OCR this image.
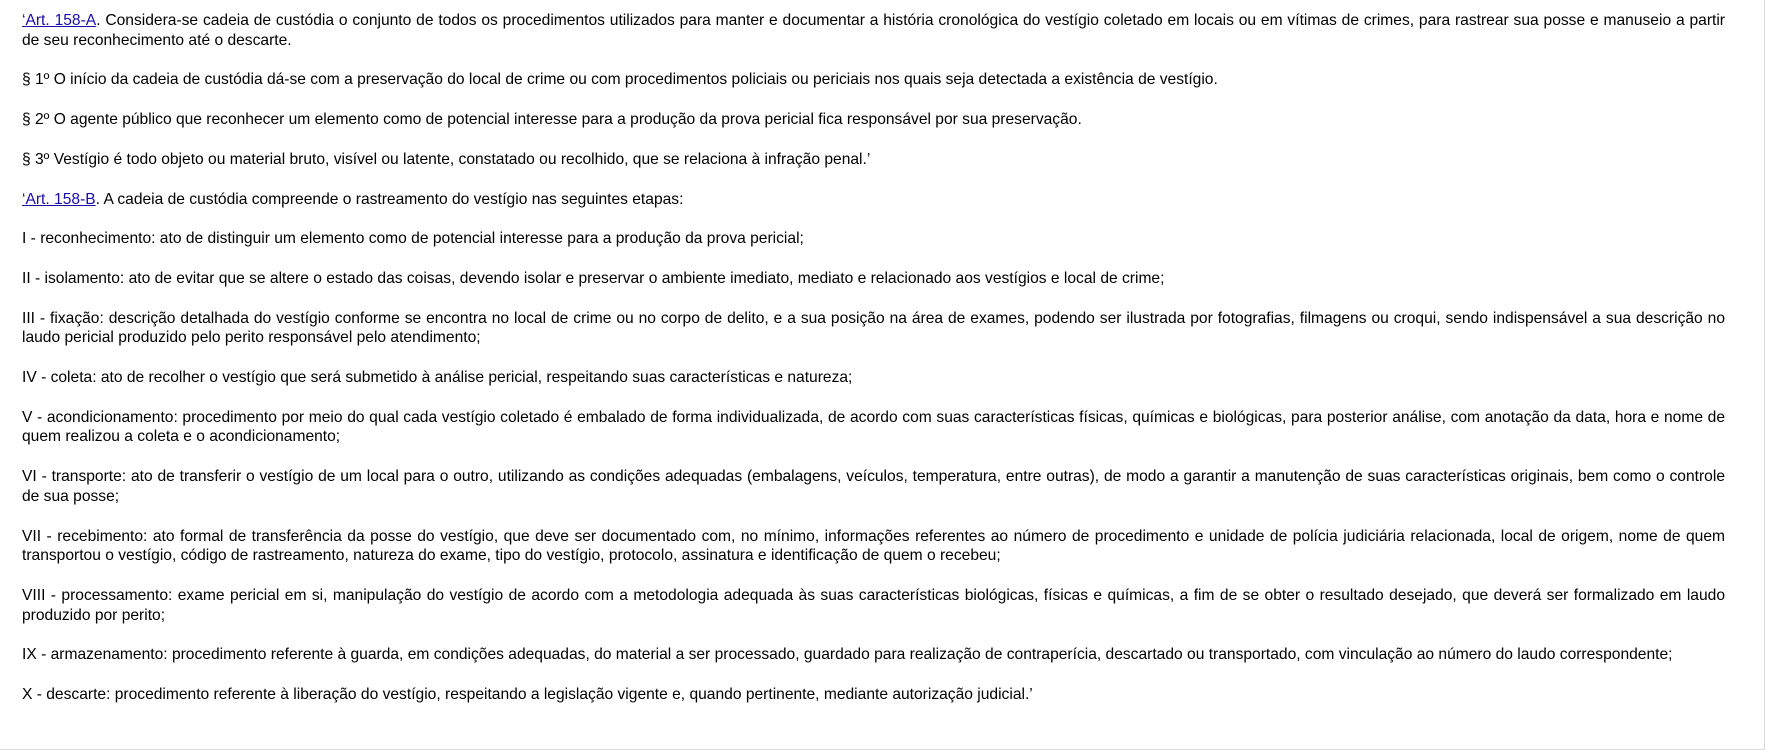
‘Art. 158-A. Considera-se cadeia de custódia o conjunto de todos os procedimentos utilizados para manter e documentar a história cronológica do vestígio coletado em locais ou em vítimas de crimes, para rastrear sua posse e manuseio a partir de seu reconhecimento até o descarte.

§ 1º O início da cadeia de custódia dá-se com a preservação do local de crime ou com procedimentos policiais ou periciais nos quais seja detectada a existência de vestígio.

§ 2º O agente público que reconhecer um elemento como de potencial interesse para a produção da prova pericial fica responsável por sua preservação.

§ 3º Vestígio é todo objeto ou material bruto, visível ou latente, constatado ou recolhido, que se relaciona à infração penal.’

‘Art. 158-B. A cadeia de custódia compreende o rastreamento do vestígio nas seguintes etapas:

I - reconhecimento: ato de distinguir um elemento como de potencial interesse para a produção da prova pericial;

II - isolamento: ato de evitar que se altere o estado das coisas, devendo isolar e preservar o ambiente imediato, mediato e relacionado aos vestígios e local de crime;

III - fixação: descrição detalhada do vestígio conforme se encontra no local de crime ou no corpo de delito, e a sua posição na área de exames, podendo ser ilustrada por fotografias, filmagens ou croqui, sendo indispensável a sua descrição no laudo pericial produzido pelo perito responsável pelo atendimento;

IV - coleta: ato de recolher o vestígio que será submetido à análise pericial, respeitando suas características e natureza;

V - acondicionamento: procedimento por meio do qual cada vestígio coletado é embalado de forma individualizada, de acordo com suas características físicas, químicas e biológicas, para posterior análise, com anotação da data, hora e nome de quem realizou a coleta e o acondicionamento;

VI - transporte: ato de transferir o vestígio de um local para o outro, utilizando as condições adequadas (embalagens, veículos, temperatura, entre outras), de modo a garantir a manutenção de suas características originais, bem como o controle de sua posse;

VII - recebimento: ato formal de transferência da posse do vestígio, que deve ser documentado com, no mínimo, informações referentes ao número de procedimento e unidade de polícia judiciária relacionada, local de origem, nome de quem transportou o vestígio, código de rastreamento, natureza do exame, tipo do vestígio, protocolo, assinatura e identificação de quem o recebeu;

VIII - processamento: exame pericial em si, manipulação do vestígio de acordo com a metodologia adequada às suas características biológicas, físicas e químicas, a fim de se obter o resultado desejado, que deverá ser formalizado em laudo produzido por perito;

IX - armazenamento: procedimento referente à guarda, em condições adequadas, do material a ser processado, guardado para realização de contraperícia, descartado ou transportado, com vinculação ao número do laudo correspondente;

X - descarte: procedimento referente à liberação do vestígio, respeitando a legislação vigente e, quando pertinente, mediante autorização judicial.’
